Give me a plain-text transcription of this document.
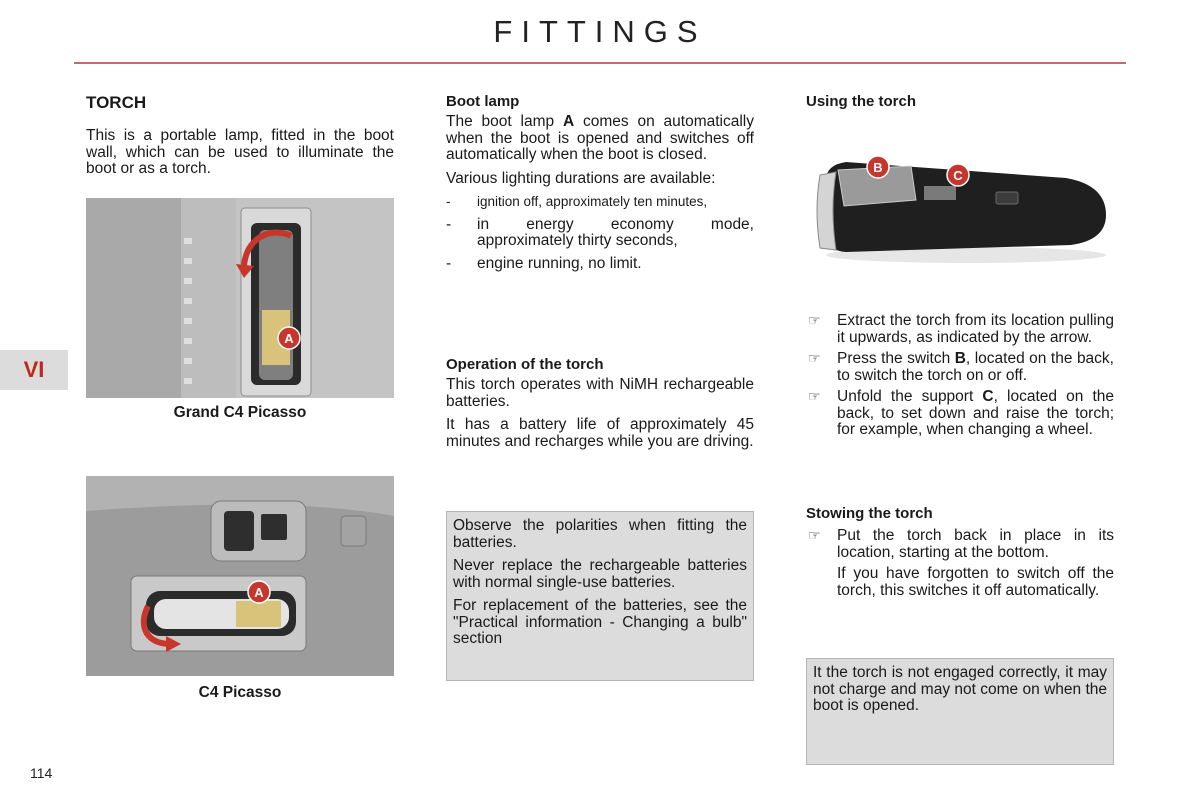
FITTINGS
VI
114
TORCH

This is a portable lamp, fitted in the boot wall, which can be used to illuminate the boot or as a torch.

A
Grand C4 Picasso
A
C4 Picasso
Boot lamp

The boot lamp A comes on automatically when the boot is opened and switches off automatically when the boot is closed.

Various lighting durations are available:

- ignition off, approximately ten minutes,
- in energy economy mode, approximately thirty seconds,
- engine running, no limit.
Operation of the torch

This torch operates with NiMH rechargeable batteries.

It has a battery life of approximately 45 minutes and recharges while you are driving.

Observe the polarities when fitting the batteries.

Never replace the rechargeable batteries with normal single-use batteries.

For replacement of the batteries, see the "Practical information - Changing a bulb" section

Using the torch
B
C
☞ Extract the torch from its location pulling it upwards, as indicated by the arrow.
☞ Press the switch B, located on the back, to switch the torch on or off.
☞ Unfold the support C, located on the back, to set down and raise the torch; for example, when changing a wheel.
Stowing the torch
☞ Put the torch back in place in its location, starting at the bottom.
If you have forgotten to switch off the torch, this switches it off automatically.

It the torch is not engaged correctly, it may not charge and may not come on when the boot is opened.
